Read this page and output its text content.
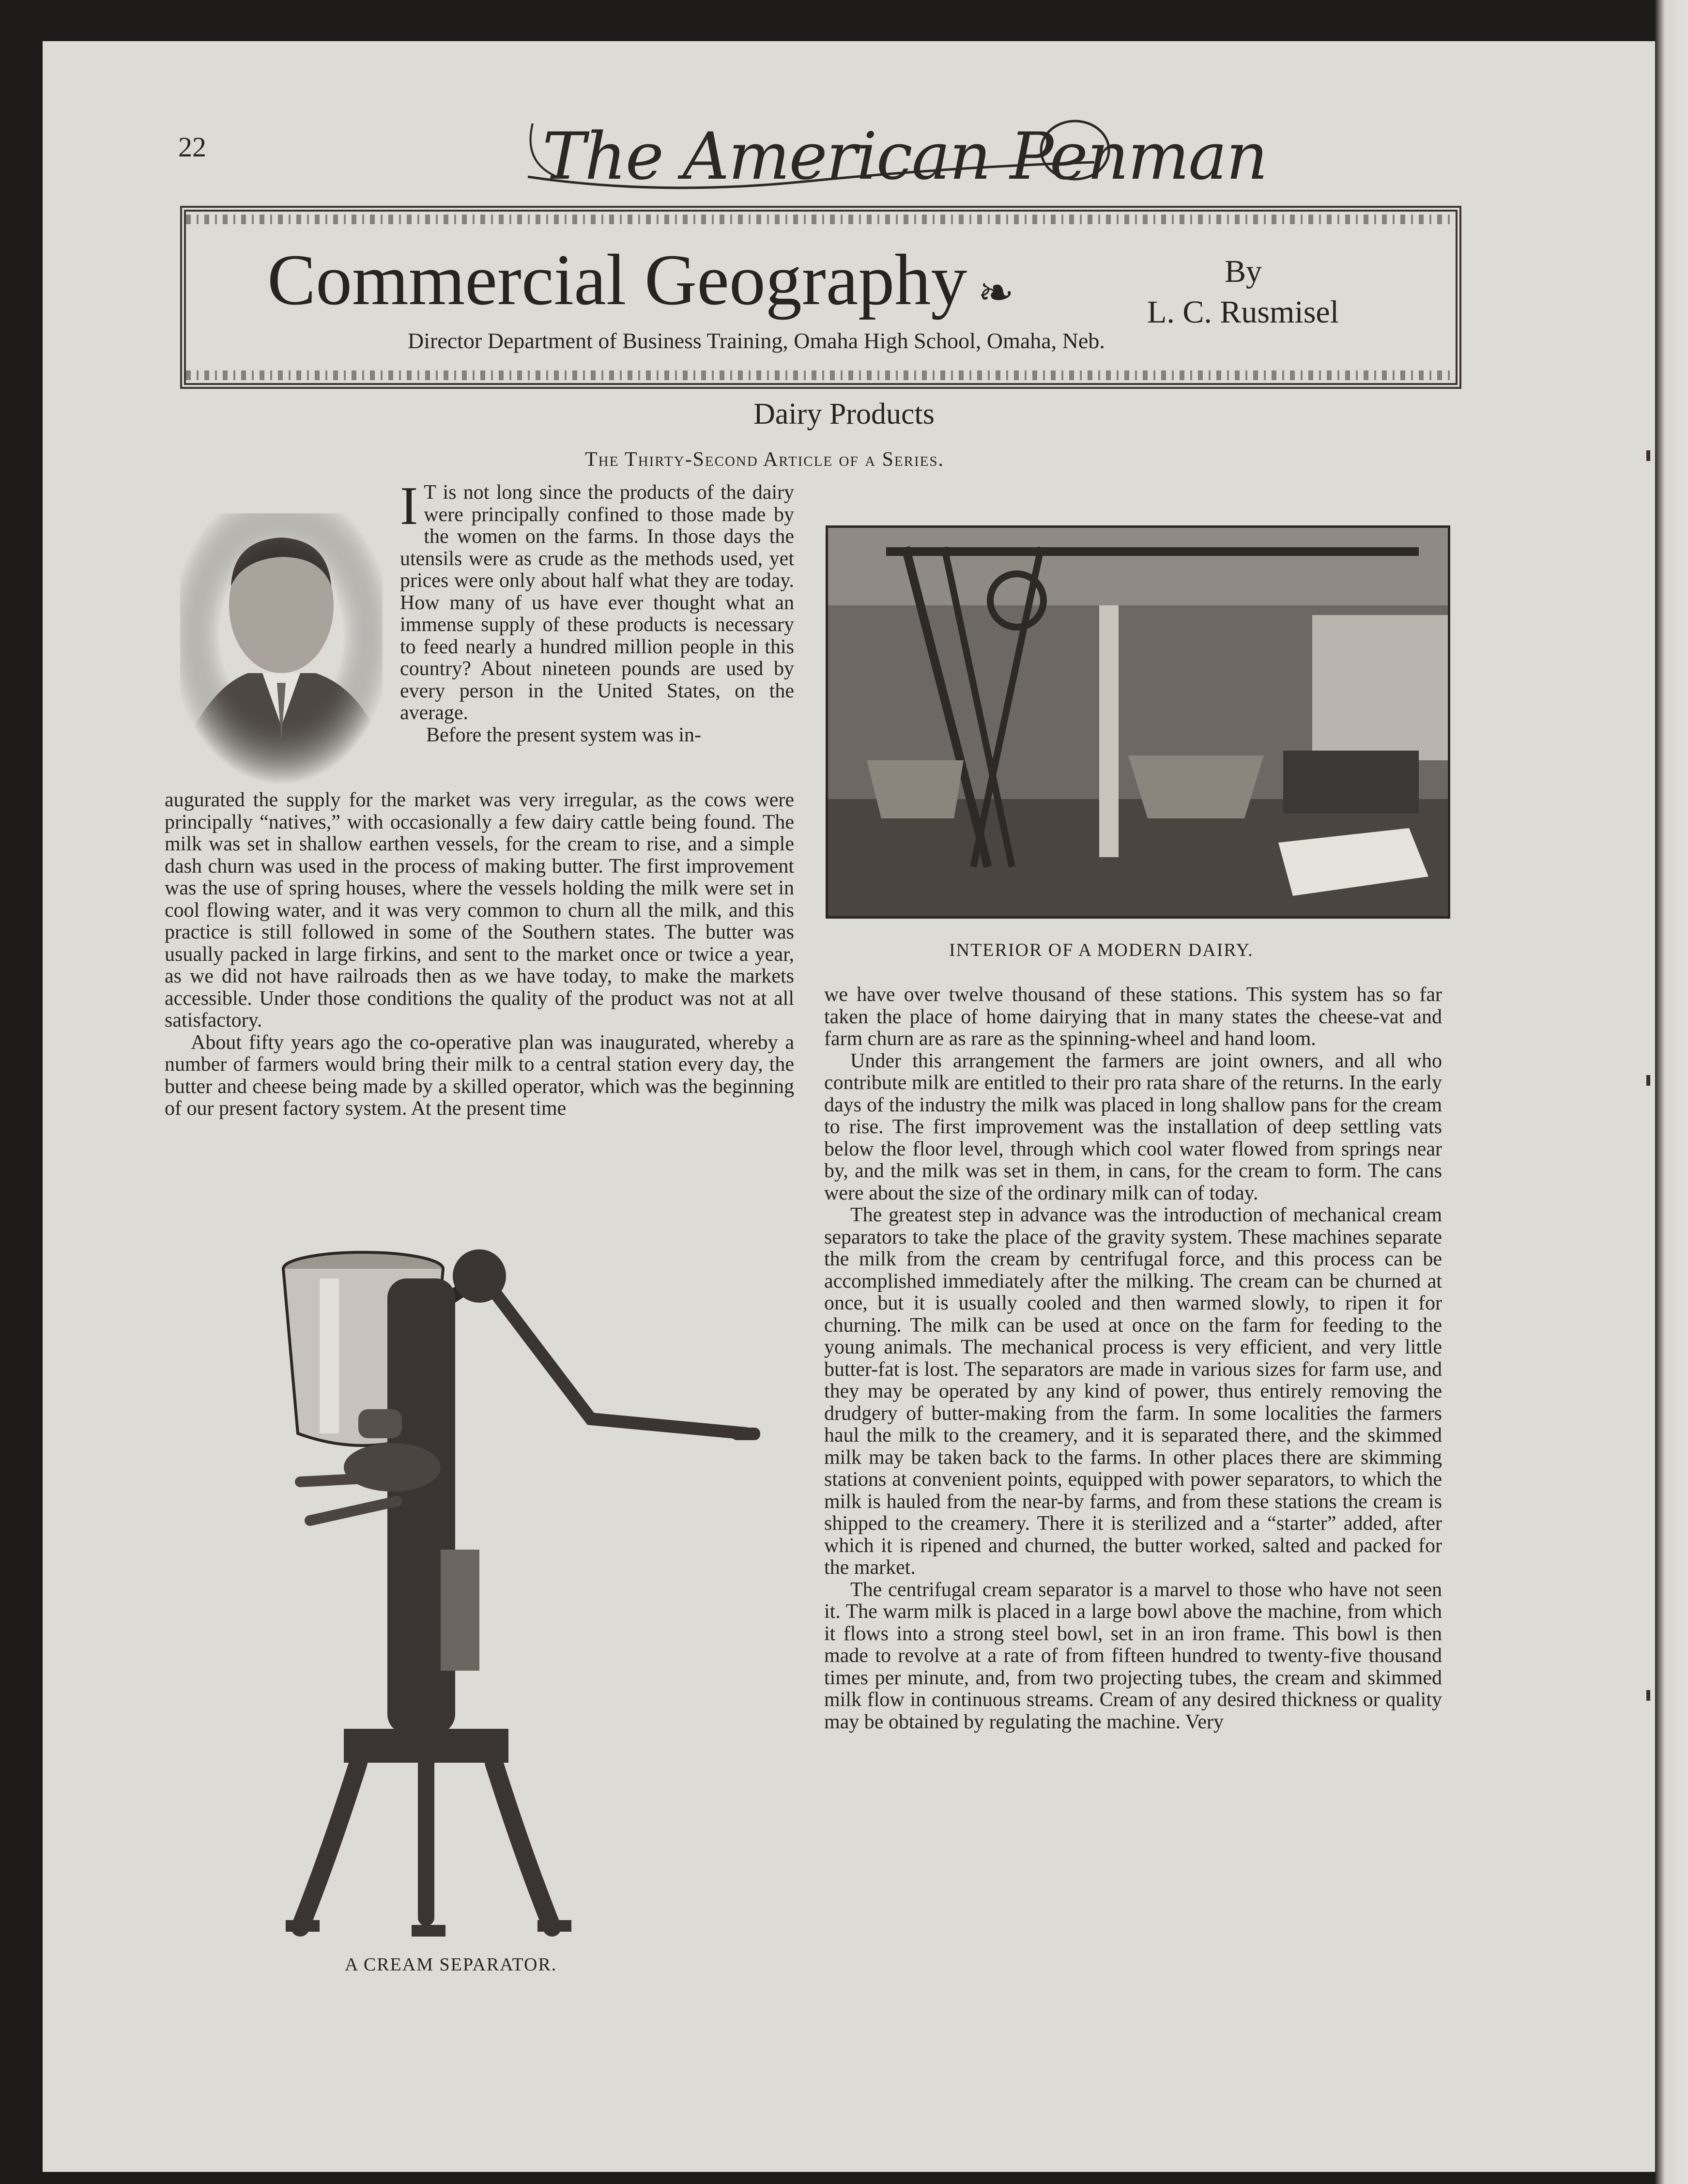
22	The American Penman
Commercial Geography ❧	By
L. C. Rusmisel
Director Department of Business Training, Omaha High School, Omaha, Neb.
Dairy Products
The Thirty-Second Article of a Series.

I T is not long since the products of the dairy were principally confined to those made by the women on the farms. In those days the utensils were as crude as the methods used, yet prices were only about half what they are today. How many of us have ever thought what an immense supply of these products is necessary to feed nearly a hundred million people in this country? About nineteen pounds are used by every person in the United States, on the average.

Before the present system was in-

augurated the supply for the market was very irregular, as the cows were principally “natives,” with occasionally a few dairy cattle being found. The milk was set in shallow earthen vessels, for the cream to rise, and a simple dash churn was used in the process of making butter. The first improvement was the use of spring houses, where the vessels holding the milk were set in cool flowing water, and it was very common to churn all the milk, and this practice is still followed in some of the Southern states. The butter was usually packed in large firkins, and sent to the market once or twice a year, as we did not have railroads then as we have today, to make the markets accessible. Under those conditions the quality of the product was not at all satisfactory.

About fifty years ago the co-operative plan was inaugurated, whereby a number of farmers would bring their milk to a central station every day, the butter and cheese being made by a skilled operator, which was the beginning of our present factory system. At the present time

INTERIOR OF A MODERN DAIRY.

we have over twelve thousand of these stations. This system has so far taken the place of home dairying that in many states the cheese-vat and farm churn are as rare as the spinning-wheel and hand loom.

Under this arrangement the farmers are joint owners, and all who contribute milk are entitled to their pro rata share of the returns. In the early days of the industry the milk was placed in long shallow pans for the cream to rise. The first improvement was the installation of deep settling vats below the floor level, through which cool water flowed from springs near by, and the milk was set in them, in cans, for the cream to form. The cans were about the size of the ordinary milk can of today.

The greatest step in advance was the introduction of mechanical cream separators to take the place of the gravity system. These machines separate the milk from the cream by centrifugal force, and this process can be accomplished immediately after the milking. The cream can be churned at once, but it is usually cooled and then warmed slowly, to ripen it for churning. The milk can be used at once on the farm for feeding to the young animals. The mechanical process is very efficient, and very little butter-fat is lost. The separators are made in various sizes for farm use, and they may be operated by any kind of power, thus entirely removing the drudgery of butter-making from the farm. In some localities the farmers haul the milk to the creamery, and it is separated there, and the skimmed milk may be taken back to the farms. In other places there are skimming stations at convenient points, equipped with power separators, to which the milk is hauled from the near-by farms, and from these stations the cream is shipped to the creamery. There it is sterilized and a “starter” added, after which it is ripened and churned, the butter worked, salted and packed for the market.

The centrifugal cream separator is a marvel to those who have not seen it. The warm milk is placed in a large bowl above the machine, from which it flows into a strong steel bowl, set in an iron frame. This bowl is then made to revolve at a rate of from fifteen hundred to twenty-five thousand times per minute, and, from two projecting tubes, the cream and skimmed milk flow in continuous streams. Cream of any desired thickness or quality may be obtained by regulating the machine. Very

A CREAM SEPARATOR.
